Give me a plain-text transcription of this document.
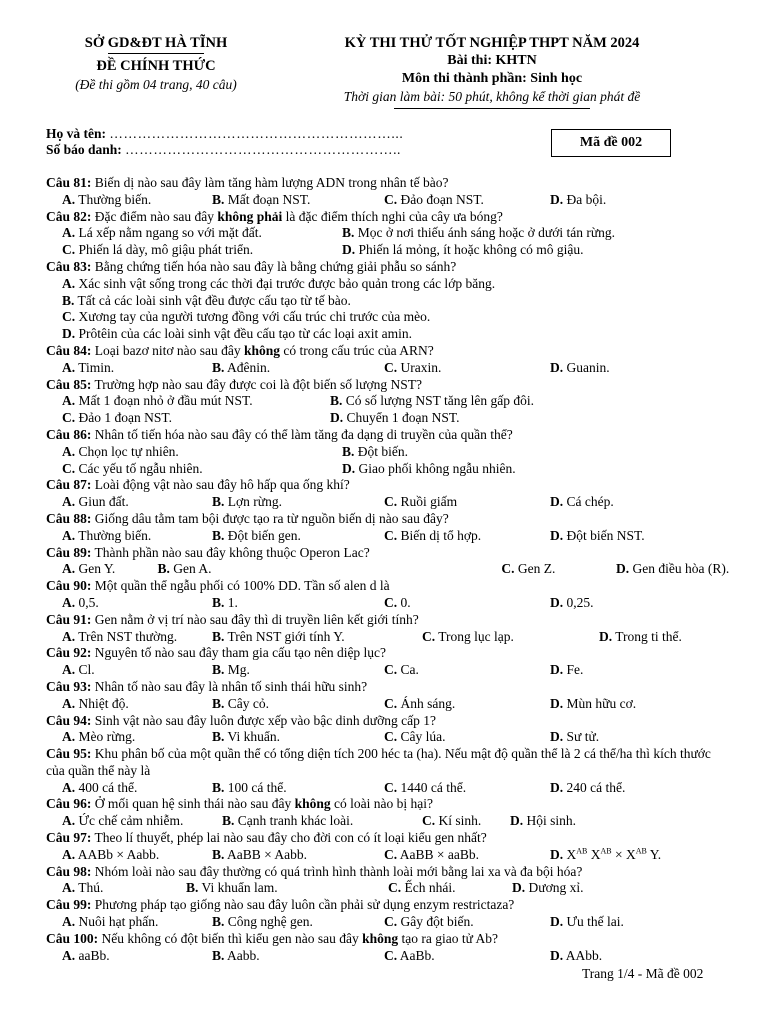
SỞ GD&ĐT HÀ TĨNH
ĐỀ CHÍNH THỨC
(Đề thi gồm 04 trang, 40 câu)
KỲ THI THỬ TỐT NGHIỆP THPT NĂM 2024
Bài thi: KHTN
Môn thi thành phần: Sinh học
Thời gian làm bài: 50 phút, không kể thời gian phát đề
Họ và tên: ……………………………………………………...
Số báo danh: …………………………………………………..	Mã đề 002
Câu 81: Biến dị nào sau đây làm tăng hàm lượng ADN trong nhân tế bào?
A. Thường biến.	B. Mất đoạn NST.	C. Đảo đoạn NST.	D. Đa bội.
Câu 82: Đặc điểm nào sau đây không phải là đặc điểm thích nghi của cây ưa bóng?
A. Lá xếp nằm ngang so với mặt đất.	B. Mọc ở nơi thiếu ánh sáng hoặc ở dưới tán rừng.
C. Phiến lá dày, mô giậu phát triển.	D. Phiến lá mỏng, ít hoặc không có mô giậu.
Câu 83: Bằng chứng tiến hóa nào sau đây là bằng chứng giải phẫu so sánh?
A. Xác sinh vật sống trong các thời đại trước được bảo quản trong các lớp băng.
B. Tất cả các loài sinh vật đều được cấu tạo từ tế bào.
C. Xương tay của người tương đồng với cấu trúc chi trước của mèo.
D. Prôtêin của các loài sinh vật đều cấu tạo từ các loại axit amin.
Câu 84: Loại bazơ nitơ nào sau đây không có trong cấu trúc của ARN?
A. Timin.	B. Ađênin.	C. Uraxin.	D. Guanin.
Câu 85: Trường hợp nào sau đây được coi là đột biến số lượng NST?
A. Mất 1 đoạn nhỏ ở đầu mút NST.	B. Có số lượng NST tăng lên gấp đôi.
C. Đảo 1 đoạn NST.	D. Chuyển 1 đoạn NST.
Câu 86: Nhân tố tiến hóa nào sau đây có thể làm tăng đa dạng di truyền của quần thể?
A. Chọn lọc tự nhiên.	B. Đột biến.
C. Các yếu tố ngẫu nhiên.	D. Giao phối không ngẫu nhiên.
Câu 87: Loài động vật nào sau đây hô hấp qua ống khí?
A. Giun đất.	B. Lợn rừng.	C. Ruồi giấm	D. Cá chép.
Câu 88: Giống dâu tằm tam bội được tạo ra từ nguồn biến dị nào sau đây?
A. Thường biến.	B. Đột biến gen.	C. Biến dị tổ hợp.	D. Đột biến NST.
Câu 89: Thành phần nào sau đây không thuộc Operon Lac?
A. Gen Y.	B. Gen A.	C. Gen Z.	D. Gen điều hòa (R).
Câu 90: Một quần thể ngẫu phối có 100% DD. Tần số alen d là
A. 0,5.	B. 1.	C. 0.	D. 0,25.
Câu 91: Gen nằm ở vị trí nào sau đây thì di truyền liên kết giới tính?
A. Trên NST thường.	B. Trên NST giới tính Y.	C. Trong lục lạp.	D. Trong ti thể.
Câu 92: Nguyên tố nào sau đây tham gia cấu tạo nên diệp lục?
A. Cl.	B. Mg.	C. Ca.	D. Fe.
Câu 93: Nhân tố nào sau đây là nhân tố sinh thái hữu sinh?
A. Nhiệt độ.	B. Cây cỏ.	C. Ánh sáng.	D. Mùn hữu cơ.
Câu 94: Sinh vật nào sau đây luôn được xếp vào bậc dinh dưỡng cấp 1?
A. Mèo rừng.	B. Vi khuẩn.	C. Cây lúa.	D. Sư tử.
Câu 95: Khu phân bố của một quần thể có tổng diện tích 200 héc ta (ha). Nếu mật độ quần thể là 2 cá thể/ha thì kích thước của quần thể này là
A. 400 cá thể.	B. 100 cá thể.	C. 1440 cá thể.	D. 240 cá thể.
Câu 96: Ở mối quan hệ sinh thái nào sau đây không có loài nào bị hại?
A. Ức chế cảm nhiễm.	B. Cạnh tranh khác loài.	C. Kí sinh.	D. Hội sinh.
Câu 97: Theo lí thuyết, phép lai nào sau đây cho đời con có ít loại kiểu gen nhất?
A. AABb × Aabb.	B. AaBB × Aabb.	C. AaBB × aaBb.	D. $X^{AB}$ $X^{AB} \times X^{AB}$ Y.
Câu 98: Nhóm loài nào sau đây thường có quá trình hình thành loài mới bằng lai xa và đa bội hóa?
A. Thú.	B. Vi khuẩn lam.	C. Ếch nhái.	D. Dương xỉ.
Câu 99: Phương pháp tạo giống nào sau đây luôn cần phải sử dụng enzym restrictaza?
A. Nuôi hạt phấn.	B. Công nghệ gen.	C. Gây đột biến.	D. Ưu thế lai.
Câu 100: Nếu không có đột biến thì kiểu gen nào sau đây không tạo ra giao tử Ab?
A. aaBb.	B. Aabb.	C. AaBb.	D. AAbb.
Trang 1/4 - Mã đề 002
